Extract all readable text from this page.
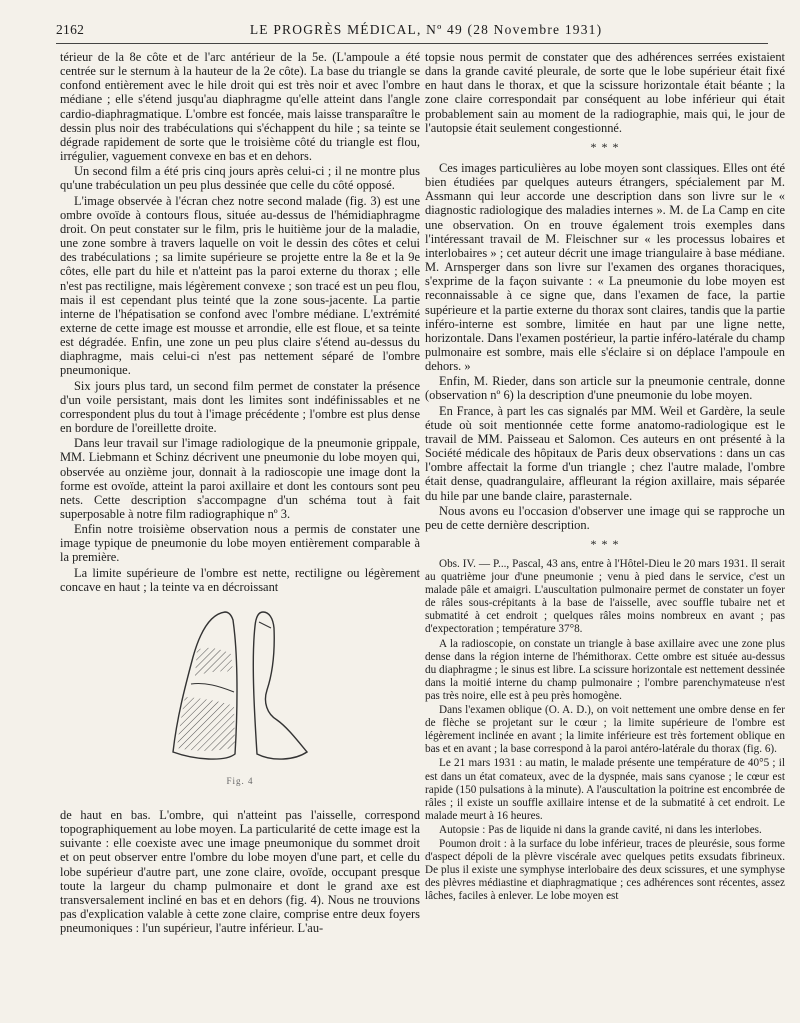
2162	LE PROGRÈS MÉDICAL, Nº 49 (28 Novembre 1931)

térieur de la 8e côte et de l'arc antérieur de la 5e. (L'ampoule a été centrée sur le sternum à la hauteur de la 2e côte). La base du triangle se confond entièrement avec le hile droit qui est très noir et avec l'ombre médiane ; elle s'étend jusqu'au diaphragme qu'elle atteint dans l'angle cardio-diaphragmatique. L'ombre est foncée, mais laisse transparaître le dessin plus noir des trabéculations qui s'échappent du hile ; sa teinte se dégrade rapidement de sorte que le troisième côté du triangle est flou, irrégulier, vaguement convexe en bas et en dehors.

Un second film a été pris cinq jours après celui-ci ; il ne montre plus qu'une trabéculation un peu plus dessinée que celle du côté opposé.

L'image observée à l'écran chez notre second malade (fig. 3) est une ombre ovoïde à contours flous, située au-dessus de l'hémidiaphragme droit. On peut constater sur le film, pris le huitième jour de la maladie, une zone sombre à travers laquelle on voit le dessin des côtes et celui des trabéculations ; sa limite supérieure se projette entre la 8e et la 9e côtes, elle part du hile et n'atteint pas la paroi externe du thorax ; elle n'est pas rectiligne, mais légèrement convexe ; son tracé est un peu flou, mais il est cependant plus teinté que la zone sous-jacente. La partie interne de l'hépatisation se confond avec l'ombre médiane. L'extrémité externe de cette image est mousse et arrondie, elle est floue, et sa teinte est dégradée. Enfin, une zone un peu plus claire s'étend au-dessus du diaphragme, mais celui-ci n'est pas nettement séparé de l'ombre pneumonique.

Six jours plus tard, un second film permet de constater la présence d'un voile persistant, mais dont les limites sont indéfinissables et ne correspondent plus du tout à l'image précédente ; l'ombre est plus dense en bordure de l'oreillette droite.

Dans leur travail sur l'image radiologique de la pneumonie grippale, MM. Liebmann et Schinz décrivent une pneumonie du lobe moyen qui, observée au onzième jour, donnait à la radioscopie une image dont la forme est ovoïde, atteint la paroi axillaire et dont les contours sont peu nets. Cette description s'accompagne d'un schéma tout à fait superposable à notre film radiographique nº 3.

Enfin notre troisième observation nous a permis de constater une image typique de pneumonie du lobe moyen entièrement comparable à la première.

La limite supérieure de l'ombre est nette, rectiligne ou légèrement concave en haut ; la teinte va en décroissant

Fig. 4

de haut en bas. L'ombre, qui n'atteint pas l'aisselle, correspond topographiquement au lobe moyen. La particularité de cette image est la suivante : elle coexiste avec une image pneumonique du sommet droit et on peut observer entre l'ombre du lobe moyen d'une part, et celle du lobe supérieur d'autre part, une zone claire, ovoïde, occupant presque toute la largeur du champ pulmonaire et dont le grand axe est transversalement incliné en bas et en dehors (fig. 4). Nous ne trouvions pas d'explication valable à cette zone claire, comprise entre deux foyers pneumoniques : l'un supérieur, l'autre inférieur. L'au-

topsie nous permit de constater que des adhérences serrées existaient dans la grande cavité pleurale, de sorte que le lobe supérieur était fixé en haut dans le thorax, et que la scissure horizontale était béante ; la zone claire correspondait par conséquent au lobe inférieur qui était probablement sain au moment de la radiographie, mais qui, le jour de l'autopsie était seulement congestionné.

* * *

Ces images particulières au lobe moyen sont classiques. Elles ont été bien étudiées par quelques auteurs étrangers, spécialement par M. Assmann qui leur accorde une description dans son livre sur le « diagnostic radiologique des maladies internes ». M. de La Camp en cite une observation. On en trouve également trois exemples dans l'intéressant travail de M. Fleischner sur « les processus lobaires et interlobaires » ; cet auteur décrit une image triangulaire à base médiane. M. Arnsperger dans son livre sur l'examen des organes thoraciques, s'exprime de la façon suivante : « La pneumonie du lobe moyen est reconnaissable à ce signe que, dans l'examen de face, la partie supérieure et la partie externe du thorax sont claires, tandis que la partie inféro-interne est sombre, limitée en haut par une ligne nette, horizontale. Dans l'examen postérieur, la partie inféro-latérale du champ pulmonaire est sombre, mais elle s'éclaire si on déplace l'ampoule en dehors. »

Enfin, M. Rieder, dans son article sur la pneumonie centrale, donne (observation nº 6) la description d'une pneumonie du lobe moyen.

En France, à part les cas signalés par MM. Weil et Gardère, la seule étude où soit mentionnée cette forme anatomo-radiologique est le travail de MM. Paisseau et Salomon. Ces auteurs en ont présenté à la Société médicale des hôpitaux de Paris deux observations : dans un cas l'ombre affectait la forme d'un triangle ; chez l'autre malade, l'ombre était dense, quadrangulaire, affleurant la région axillaire, mais séparée du hile par une bande claire, parasternale.

Nous avons eu l'occasion d'observer une image qui se rapproche un peu de cette dernière description.

* * *

Obs. IV. — P..., Pascal, 43 ans, entre à l'Hôtel-Dieu le 20 mars 1931. Il serait au quatrième jour d'une pneumonie ; venu à pied dans le service, c'est un malade pâle et amaigri. L'auscultation pulmonaire permet de constater un foyer de râles sous-crépitants à la base de l'aisselle, avec souffle tubaire net et submatité à cet endroit ; quelques râles moins nombreux en avant ; pas d'expectoration ; température 37°8.

A la radioscopie, on constate un triangle à base axillaire avec une zone plus dense dans la région interne de l'hémithorax. Cette ombre est située au-dessus du diaphragme ; le sinus est libre. La scissure horizontale est nettement dessinée dans la moitié interne du champ pulmonaire ; l'ombre parenchymateuse n'est pas très noire, elle est à peu près homogène.

Dans l'examen oblique (O. A. D.), on voit nettement une ombre dense en fer de flèche se projetant sur le cœur ; la limite supérieure de l'ombre est légèrement inclinée en avant ; la limite inférieure est très fortement oblique en bas et en avant ; la base correspond à la paroi antéro-latérale du thorax (fig. 6).

Le 21 mars 1931 : au matin, le malade présente une température de 40°5 ; il est dans un état comateux, avec de la dyspnée, mais sans cyanose ; le cœur est rapide (150 pulsations à la minute). A l'auscultation la poitrine est encombrée de râles ; il existe un souffle axillaire intense et de la submatité à cet endroit. Le malade meurt à 16 heures.

Autopsie : Pas de liquide ni dans la grande cavité, ni dans les interlobes.

Poumon droit : à la surface du lobe inférieur, traces de pleurésie, sous forme d'aspect dépoli de la plèvre viscérale avec quelques petits exsudats fibrineux. De plus il existe une symphyse interlobaire des deux scissures, et une symphyse des plèvres médiastine et diaphragmatique ; ces adhérences sont récentes, assez lâches, faciles à enlever. Le lobe moyen est
